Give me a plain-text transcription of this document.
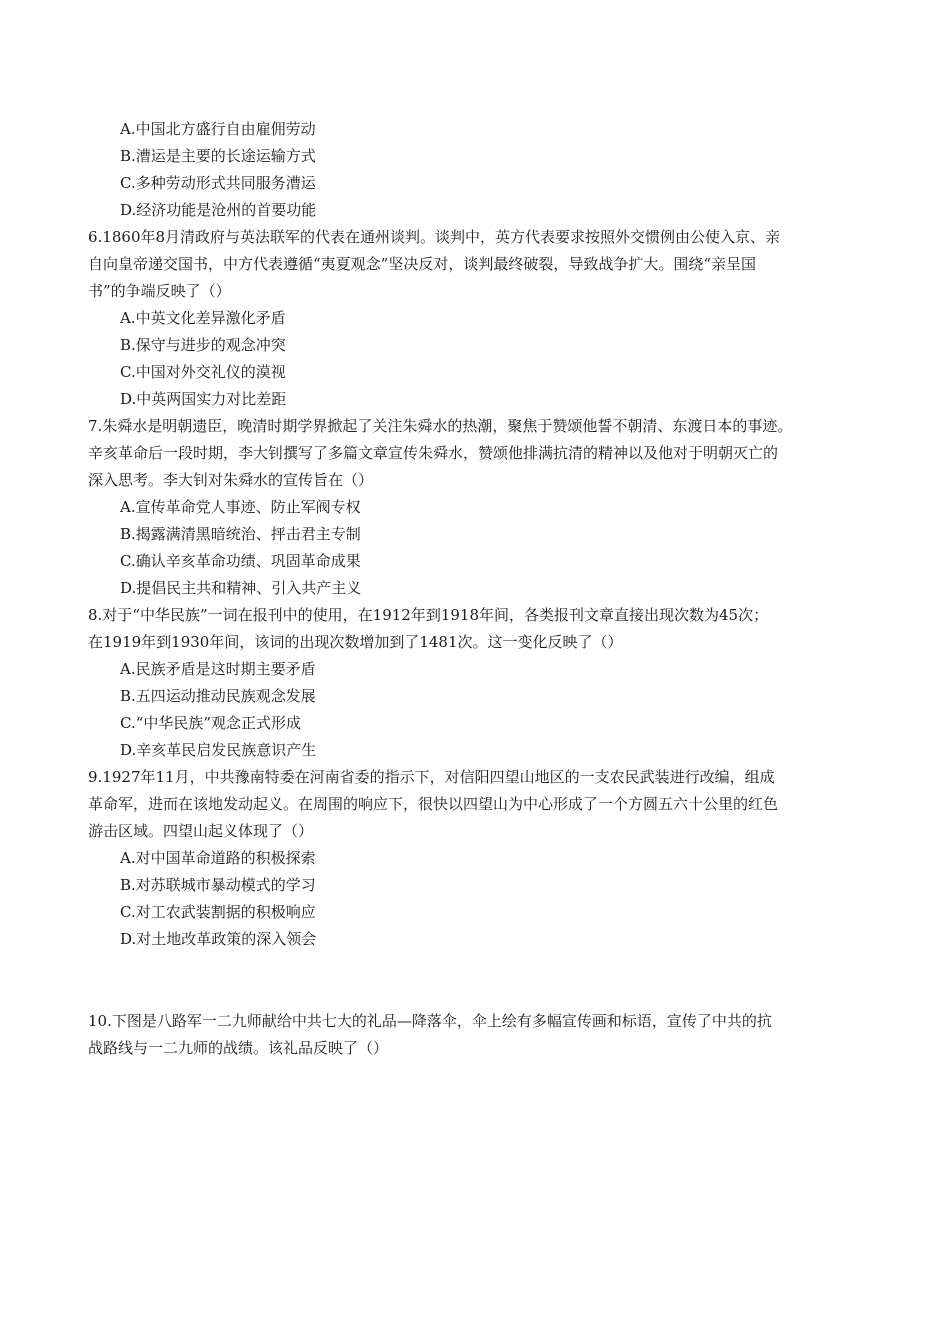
A.中国北方盛行自由雇佣劳动
B.漕运是主要的长途运输方式
C.多种劳动形式共同服务漕运
D.经济功能是沧州的首要功能
6.1860年8月清政府与英法联军的代表在通州谈判。谈判中，英方代表要求按照外交惯例由公使入京、亲
自向皇帝递交国书，中方代表遵循“夷夏观念”坚决反对，谈判最终破裂，导致战争扩大。围绕“亲呈国
书”的争端反映了（）
A.中英文化差异激化矛盾
B.保守与进步的观念冲突
C.中国对外交礼仪的漠视
D.中英两国实力对比差距
7.朱舜水是明朝遗臣，晚清时期学界掀起了关注朱舜水的热潮，聚焦于赞颂他誓不朝清、东渡日本的事迹。
辛亥革命后一段时期，李大钊撰写了多篇文章宣传朱舜水，赞颂他排满抗清的精神以及他对于明朝灭亡的
深入思考。李大钊对朱舜水的宣传旨在（）
A.宣传革命党人事迹、防止军阀专权
B.揭露满清黑暗统治、抨击君主专制
C.确认辛亥革命功绩、巩固革命成果
D.提倡民主共和精神、引入共产主义
8.对于“中华民族”一词在报刊中的使用，在1912年到1918年间，各类报刊文章直接出现次数为45次；
在1919年到1930年间，该词的出现次数增加到了1481次。这一变化反映了（）
A.民族矛盾是这时期主要矛盾
B.五四运动推动民族观念发展
C.“中华民族”观念正式形成
D.辛亥革民启发民族意识产生
9.1927年11月，中共豫南特委在河南省委的指示下，对信阳四望山地区的一支农民武装进行改编，组成
革命军，进而在该地发动起义。在周围的响应下，很快以四望山为中心形成了一个方圆五六十公里的红色
游击区域。四望山起义体现了（）
A.对中国革命道路的积极探索
B.对苏联城市暴动模式的学习
C.对工农武装割据的积极响应
D.对土地改革政策的深入领会
10.下图是八路军一二九师献给中共七大的礼品—降落伞，伞上绘有多幅宣传画和标语，宣传了中共的抗
战路线与一二九师的战绩。该礼品反映了（）
